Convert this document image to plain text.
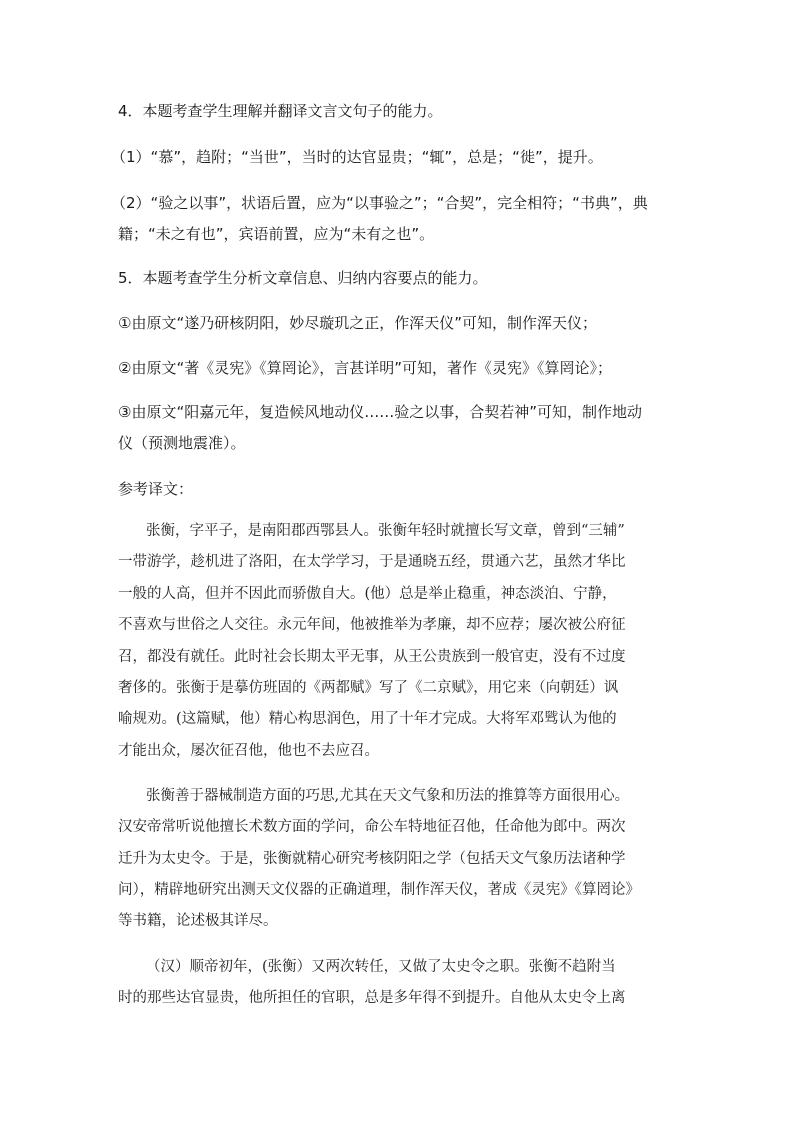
4．本题考查学生理解并翻译文言文句子的能力。
（1）“慕”，趋附；“当世”，当时的达官显贵；“辄”，总是；“徙”，提升。
（2）“验之以事”，状语后置，应为“以事验之”；“合契”，完全相符；“书典”，典
籍；“未之有也”，宾语前置，应为“未有之也”。
5．本题考查学生分析文章信息、归纳内容要点的能力。
①由原文“遂乃研核阴阳，妙尽璇玑之正，作浑天仪”可知，制作浑天仪；
②由原文“著《灵宪》《算罔论》，言甚详明”可知，著作《灵宪》《算罔论》；
③由原文“阳嘉元年，复造候风地动仪……验之以事，合契若神”可知，制作地动
仪（预测地震准）。
参考译文：
张衡，字平子，是南阳郡西鄂县人。张衡年轻时就擅长写文章，曾到“三辅”
一带游学，趁机进了洛阳，在太学学习，于是通晓五经，贯通六艺，虽然才华比
一般的人高，但并不因此而骄傲自大。(他）总是举止稳重，神态淡泊、宁静，
不喜欢与世俗之人交往。永元年间，他被推举为孝廉，却不应荐；屡次被公府征
召，都没有就任。此时社会长期太平无事，从王公贵族到一般官吏，没有不过度
奢侈的。张衡于是摹仿班固的《两都赋》写了《二京赋》，用它来（向朝廷）讽
喻规劝。(这篇赋，他）精心构思润色，用了十年才完成。大将军邓骘认为他的
才能出众，屡次征召他，他也不去应召。
张衡善于器械制造方面的巧思,尤其在天文气象和历法的推算等方面很用心。
汉安帝常听说他擅长术数方面的学问，命公车特地征召他，任命他为郎中。两次
迁升为太史令。于是，张衡就精心研究考核阴阳之学（包括天文气象历法诸种学
问），精辟地研究出测天文仪器的正确道理，制作浑天仪，著成《灵宪》《算罔论》
等书籍，论述极其详尽。
（汉）顺帝初年，(张衡）又两次转任，又做了太史令之职。张衡不趋附当
时的那些达官显贵，他所担任的官职，总是多年得不到提升。自他从太史令上离
